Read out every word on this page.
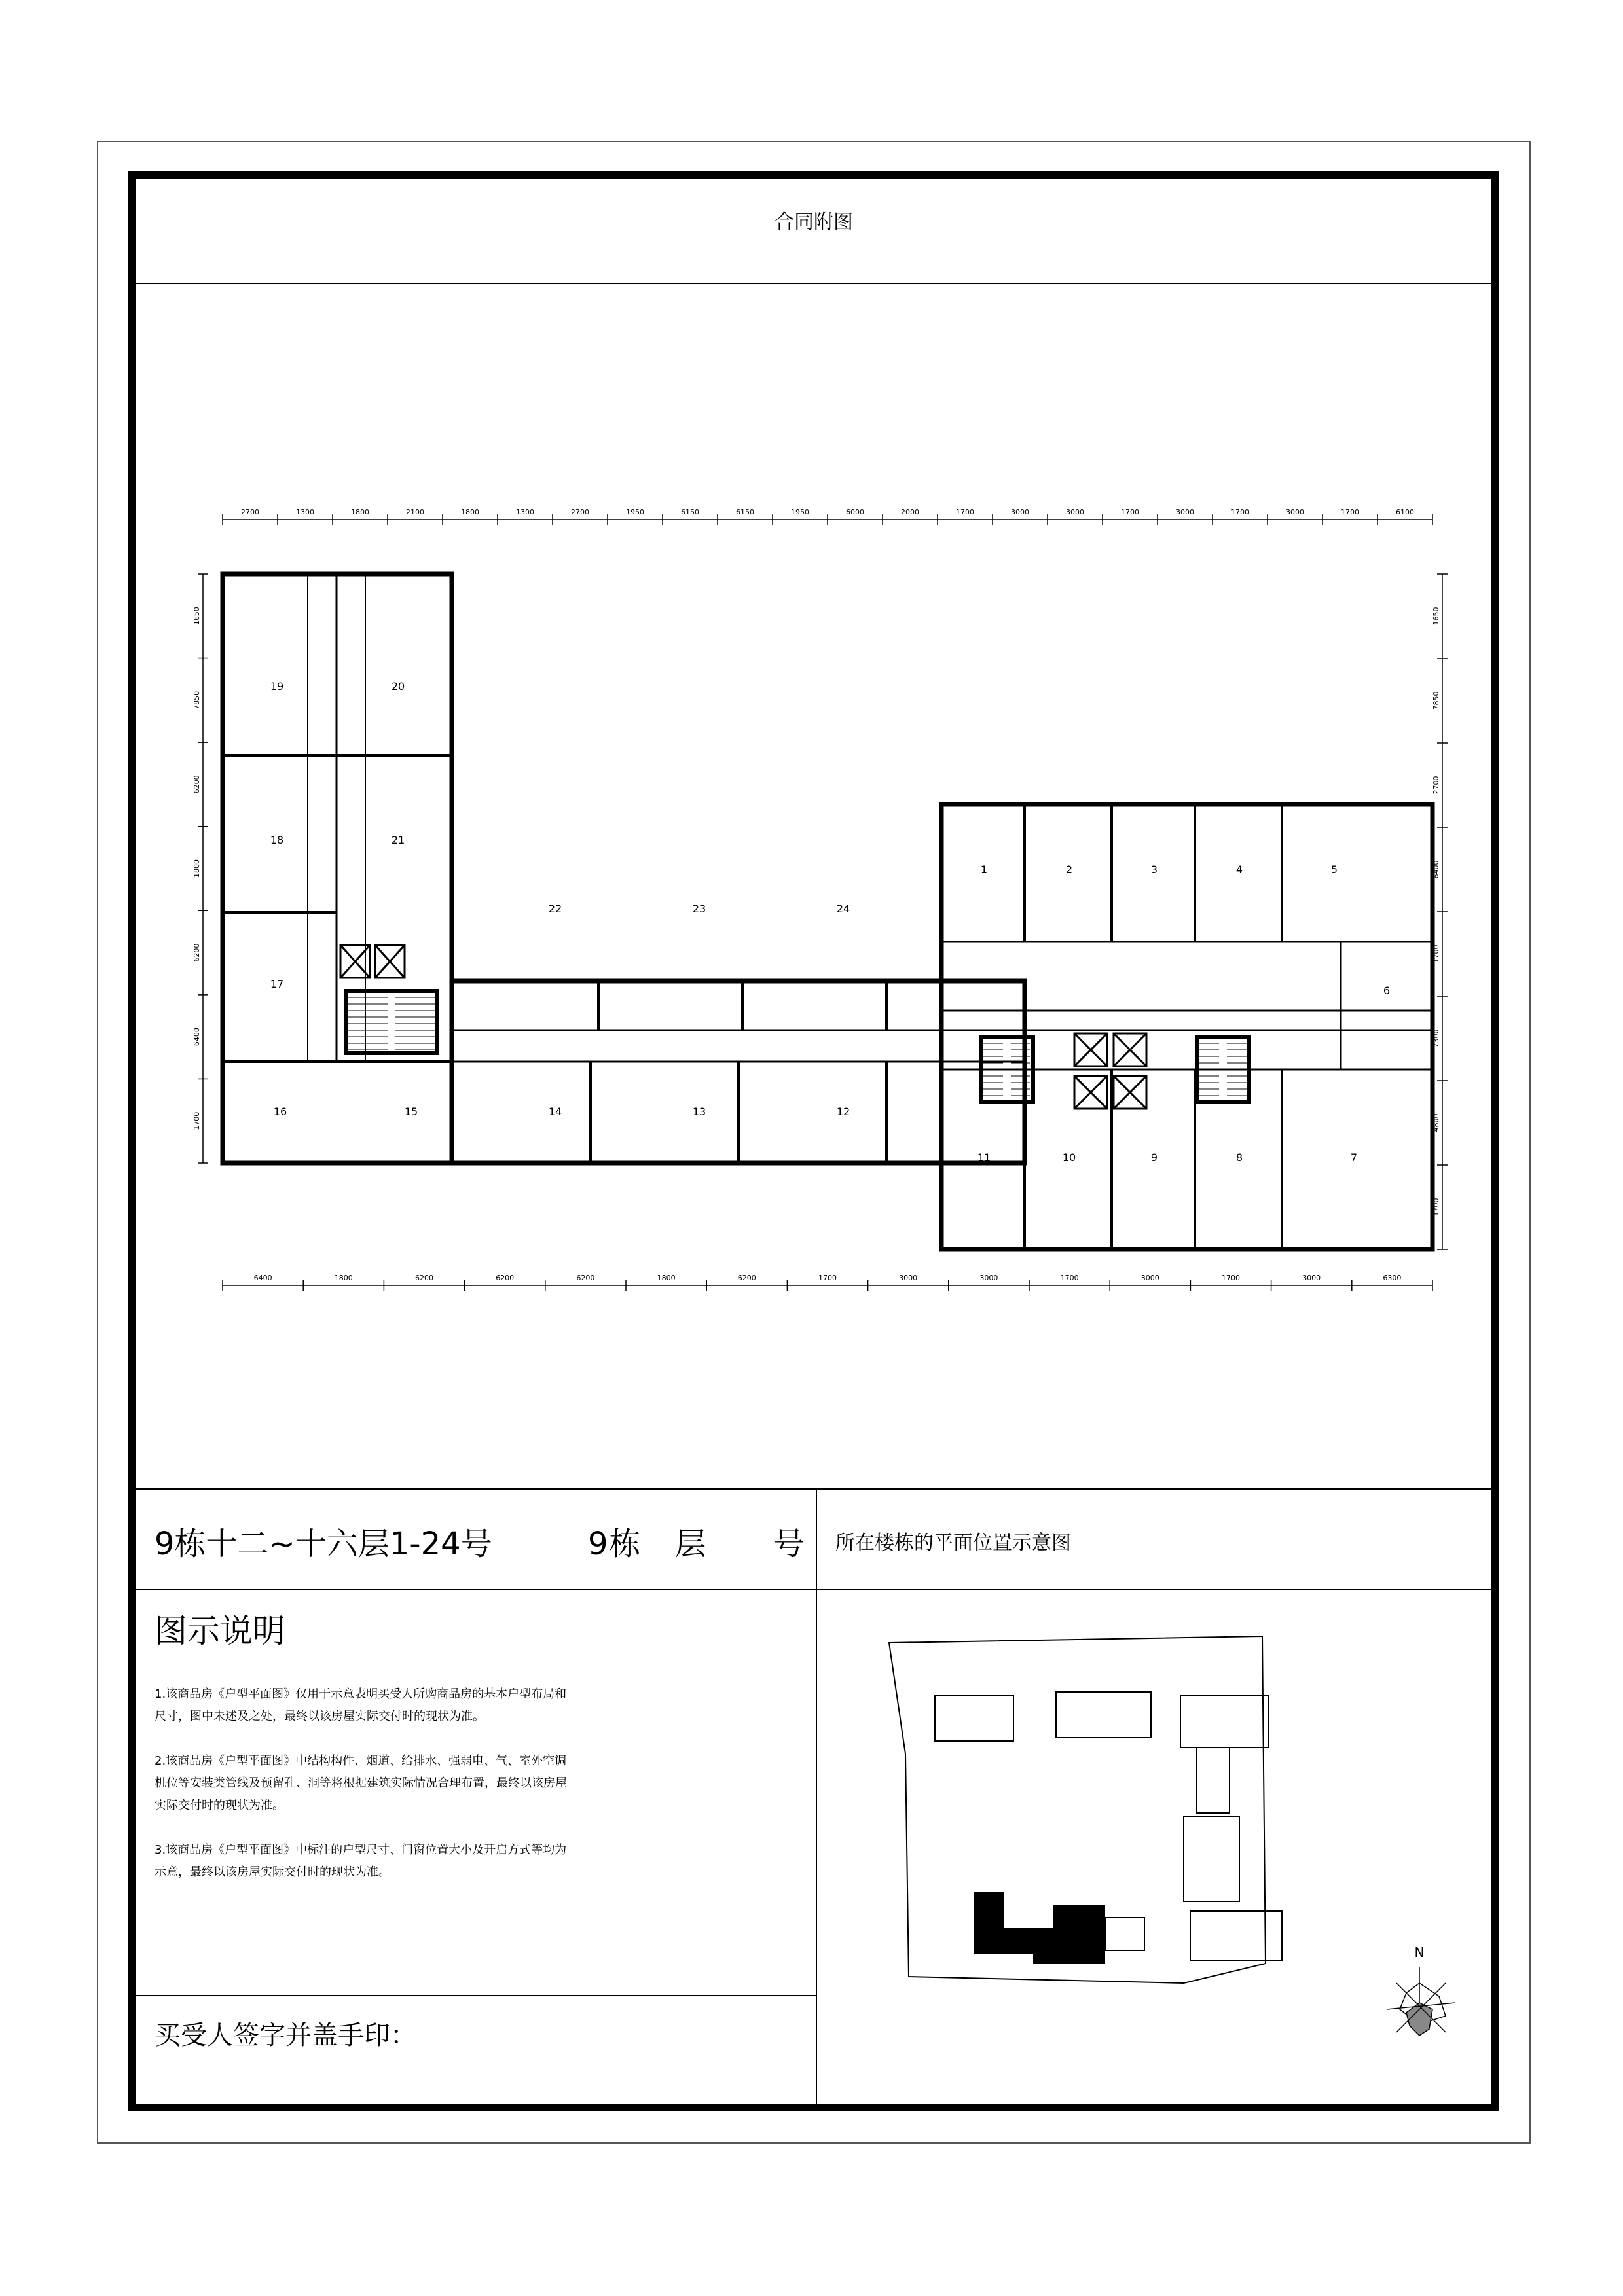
合同附图
2700	1300	1800	2100	1800	1300	2700	1950	6150	6150	1950	6000	2000	1700	3000	3000	1700	3000	1700	3000	1700	6100
6400	1800	6200	6200	6200	1800	6200	1700	3000	3000	1700	3000	1700	3000	6300
1650
7850
6200
1800
6200
6400
1700
1650
7850
2700
6400
1700
7300
4800
1700
1	2	3	4	5
6
7
8
9
10
11
12
13
14
15
16
17
18
19	20
21
22	23	24
9栋十二~十六层1-24号	9栋　层　　号 所在楼栋的平面位置示意图
图示说明
1.该商品房《户型平面图》仅用于示意表明买受人所购商品房的基本户型布局和尺寸，图中未述及之处，最终以该房屋实际交付时的现状为准。
2.该商品房《户型平面图》中结构构件、烟道、给排水、强弱电、气、室外空调机位等安装类管线及预留孔、洞等将根据建筑实际情况合理布置，最终以该房屋实际交付时的现状为准。
3.该商品房《户型平面图》中标注的户型尺寸、门窗位置大小及开启方式等均为示意，最终以该房屋实际交付时的现状为准。
买受人签字并盖手印：
N
